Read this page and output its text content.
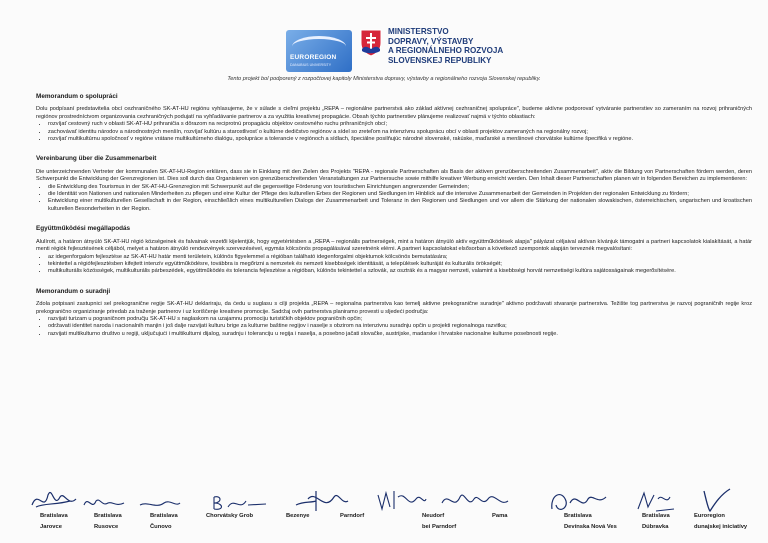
EUROREGION
DANUBIUS UNIVERSITY
MINISTERSTVO
DOPRAVY, VÝSTAVBY
A REGIONÁLNEHO ROZVOJA
SLOVENSKEJ REPUBLIKY
Tento projekt bol podporený z rozpočtovej kapitoly Ministerstva dopravy, výstavby a regionálneho rozvoja Slovenskej republiky.
Memorandum o spolupráci
Dolu podpísaní predstavitelia obcí cezhraničného SK-AT-HU regiónu vyhlasujeme, že v súlade s cieľmi projektu „REPA – regionálne partnerstvá ako základ aktívnej cezhraničnej spolupráce", budeme aktívne podporovať vytváranie partnerstiev so zameraním na rozvoj prihraničných regiónov prostredníctvom organizovania cezhraničných podujatí na vyhľadávanie partnerov a za využitia kreatívnej propagácie. Obsah týchto partnerstiev plánujeme realizovať najmä v týchto oblastiach:
• rozvíjať cestovný ruch v oblasti SK-AT-HU prihraničia s dôrazom na reciprotnú propagáciu objektov cestovného ruchu prihraničných obcí;
• zachovávať identitu národov a národnostných menšín, rozvíjať kultúru a starostlivosť o kultúrne dedičstvo regiónov a sídel so zreteľom na intenzívnu spoluprácu obcí v oblasti projektov zameraných na regionálny rozvoj;
• rozvíjať multikultúrnu spoločnosť v regióne vrátane multikultúrneho dialógu, spolupráce a tolerancie v regiónoch a sídlach, špeciálne posilňujúc národné slovenské, rakúske, maďarské a menšinové chorvátske kultúrne špecifiká v regióne.
Vereinbarung über die Zusammenarbeit
Die unterzeichnenden Vertreter der kommunalen SK-AT-HU-Region erklären, dass sie in Einklang mit den Zielen des Projekts "REPA - regionale Partnerschaften als Basis der aktiven grenzüberschreitenden Zusammenarbeit", aktiv die Bildung von Partnerschaften fördern werden, deren Schwerpunkt die Entwicklung der Grenzregionen ist. Dies soll durch das Organisieren von grenzüberschreitenden Veranstaltungen zur Partnersuche sowie mithilfe kreativer Werbung erreicht werden. Den Inhalt dieser Partnerschaften planen wir in folgenden Bereichen zu implementieren:
• die Entwicklung des Tourismus in der SK-AT-HU-Grenzregion mit Schwerpunkt auf die gegenseitige Förderung von touristischen Einrichtungen angrenzender Gemeinden;
• die Identität von Nationen und nationalen Minderheiten zu pflegen und eine Kultur der Pflege des kulturellen Erbes der Regionen und Siedlungen im Hinblick auf die intensive Zusammenarbeit der Gemeinden in Projekten der regionalen Entwicklung zu fördern;
• Entwicklung einer multikulturellen Gesellschaft in der Region, einschließlich eines multikulturellen Dialogs der Zusammenarbeit und Toleranz in den Regionen und Siedlungen und vor allem die Stärkung der nationalen slowakischen, österreichischen, ungarischen und kroatischen kulturellen Besonderheiten in der Region.
Együttműködési megállapodás
Alulírott, a határon átnyúló SK-AT-HU régió községeinek és falvainak vezetői kijelentjük, hogy egyetértésben a „REPA – regionális partnerségek, mint a határon átnyúló aktív együttműködések alapja" pályázat céljaival aktívan kívánjuk támogatni a partneri kapcsolatok kialakítását, a határ menti régiók fejlesztésének céljából, melyet a határon átnyúló rendezvények szervezésével, egymás kölcsönös propagálásával szeretnénk elérni. A partneri kapcsolatokat elsősorban a következő szempontok alapján terveznék megvalósítani:
• az idegenforgalom fejlesztése az SK-AT-HU határ menti területein, különös figyelemmel a régióban található idegenforgalmi objektumok kölcsönös bemutatására;
• tekintettel a régiófejlesztésben kifejtett intenzív együttműködésre, továbbra is megőrizni a nemzetek és nemzeti kisebbségek identitását, a települések kulturáját és kulturális örökségét;
• multikulturális közösségek, multikulturális párbeszédek, együttműködés és tolerancia fejlesztése a régióban, különös tekintettel a szlovák, az osztrák és a magyar nemzeti, valamint a kisebbségi horvát nemzetiségi kultúra sajátosságainak megerősítésére.
Memorandum o suradnji
Zdola potpisani zastupnici sel prekogranične regije SK-AT-HU deklariraju, da ćedu u suglasu s cilji projekta „REPA – regionalna partnerstva kao temelj aktivne prekogranične suradnje" aktivno podržavati stvaranje partnerstva. Težište tog partnerstva je razvoj pograničnih regije kroz prekogranično organiziranje priredab za traženje partnerov i uz koriščenje kreativne promocije. Sadržaj ovih partnerstva planiramo provesti u sljedeći područja:
• razvijati turizam u pograničnom području SK-AT-HU s naglaskom na uzajamnu promociju turističkih objektov pograničnih opčin;
• održavati identitet naroda i nacionalnih manjin i još dalje razvijati kulturu brige za kulturne baštine regijov i naselje s obzirom na intenzivnu suradnju opčin u projekti regionalnoga razvitka;
• razvijati multikulturno društvo u regiji, uključujući i multikulturni dijalog, suradnju i toleranciju u regija i naselja, a posebno jačati slovačke, austrijske, madarske i hrvatske nacionalne kulturne posebnosti regije.
Bratislava
Jarovce
Bratislava
Rusovce
Bratislava
Čunovo
Chorvátsky Grob	Bezenye	Parndorf	Neudorf
bei Parndorf
Pama	Bratislava
Devínska Nová Ves
Bratislava
Dúbravka
Euroregion
dunajskej iniciatívy
